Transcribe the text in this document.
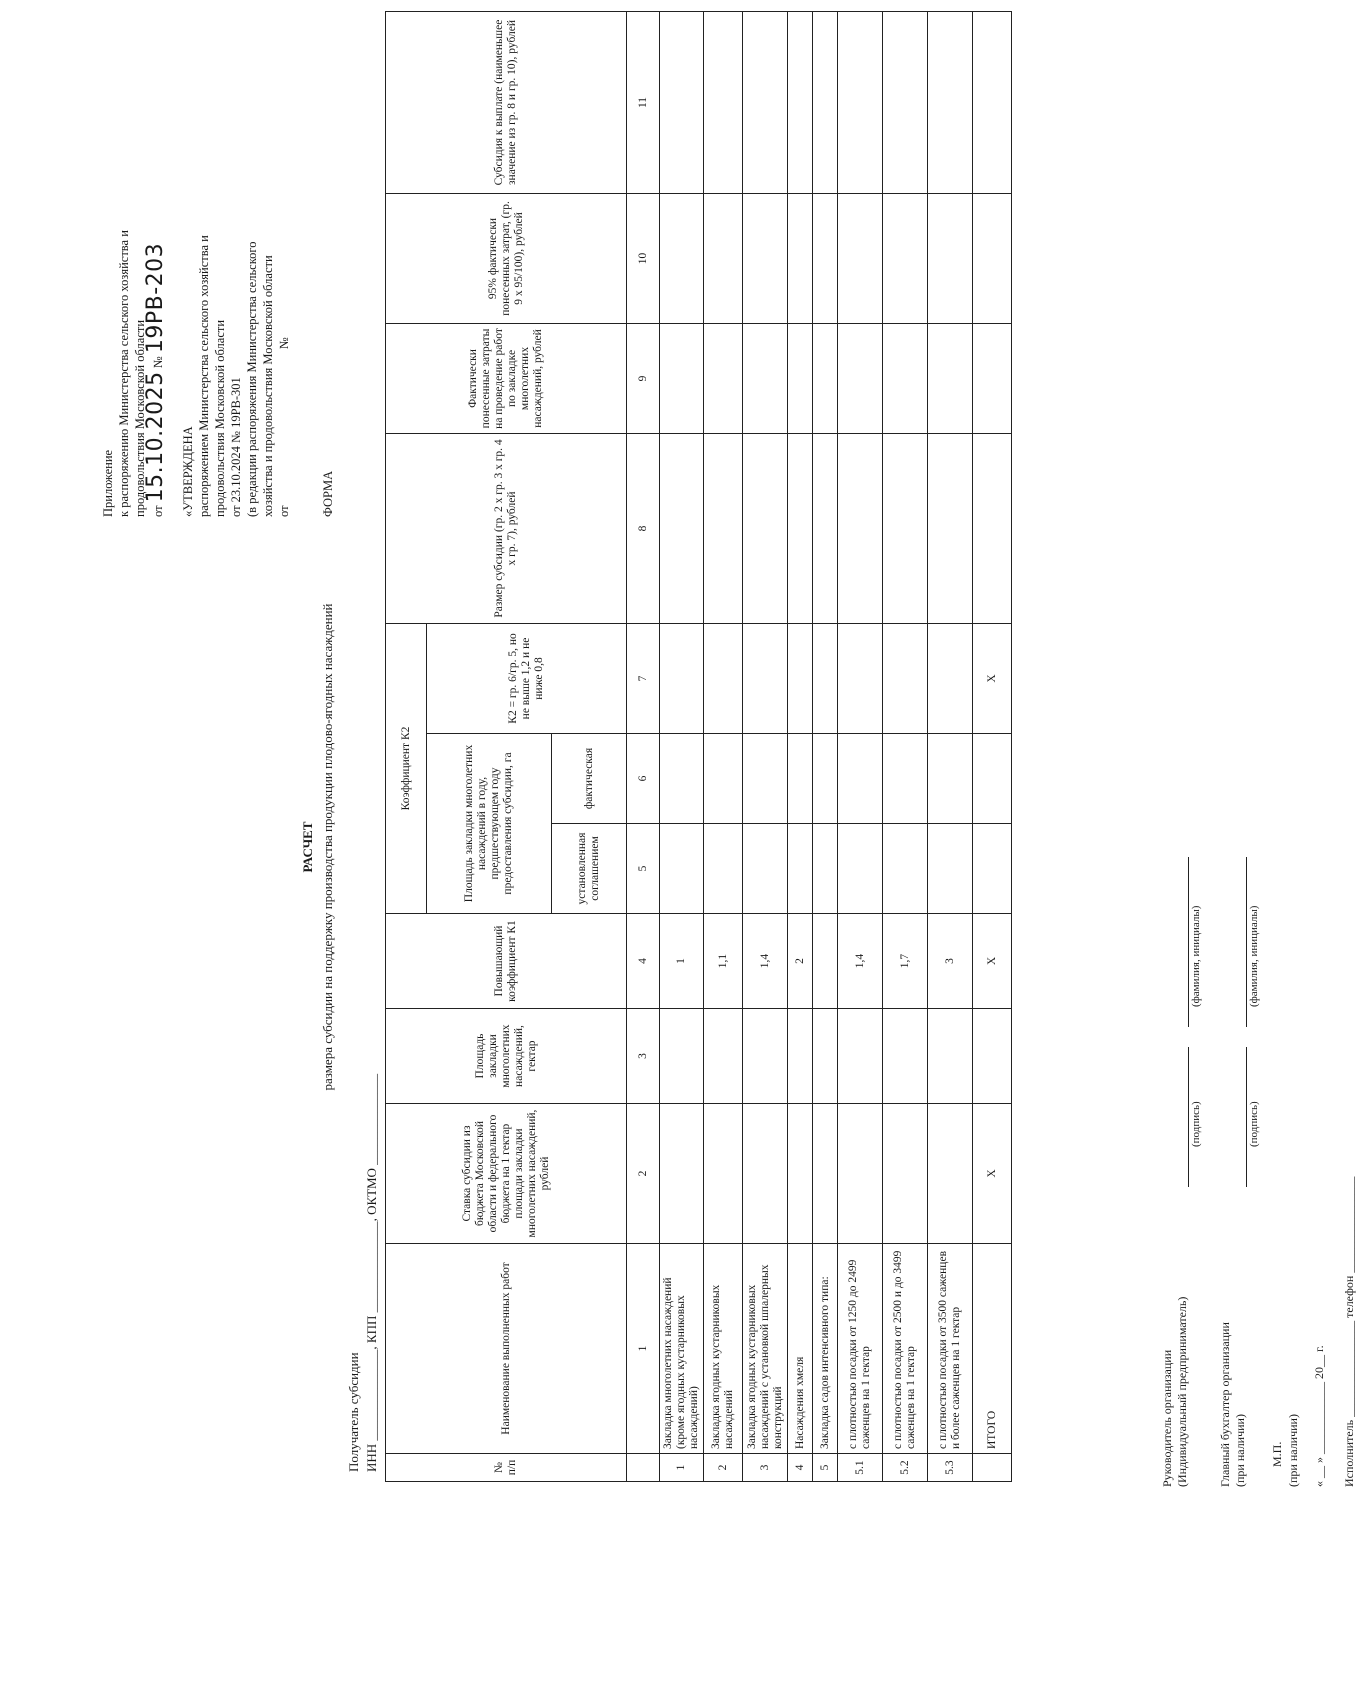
Приложение к распоряжению Министерства сельского хозяйства и продовольствия Московской области от 15.10.2025 № 19РВ-203
«УТВЕРЖДЕНА распоряжением Министерства сельского хозяйства и продовольствия Московской области от 23.10.2024 № 19РВ-301 (в редакции распоряжения Министерства сельского хозяйства и продовольствия Московской области от  №
ФОРМА
РАСЧЕТ размера субсидии на поддержку производства продукции плодово-ягодных насаждений
Получатель субсидии ИНН ______________, КПП ______________, ОКТМО ______________	№ п/п	Наименование выполненных работ	Ставка субсидии из бюджета Московской области и федерального бюджета на 1 гектар площади закладки многолетних насаждений, рублей	Площадь закладки многолетних насаждений, гектар	Повышающий коэффициент К1	Коэффициент К2			Размер субсидии (гр. 2 х гр. 3 х гр. 4 х гр. 7), рублей	Фактически понесенные затраты на проведение работ по закладке многолетних насаждений, рублей	95% фактически понесенных затрат, (гр. 9 х 95/100), рублей	Субсидия к выплате (наименьшее значение из гр. 8 и гр. 10), рублей
					Площадь закладки многолетних насаждений в году, предшествующем году предоставления субсидии, га		К2 = гр. 6/гр. 5, но не выше 1,2 и не ниже 0,8				
					установленная соглашением	фактическая					
	1	2	3	4	5	6	7	8	9	10	11
1	Закладка многолетних насаждений (кроме ягодных кустарниковых насаждений)			1							
2	Закладка ягодных кустарниковых насаждений			1,1							
3	Закладка ягодных кустарниковых насаждений с установкой шпалерных конструкций			1,4							
4	Насаждения хмеля			2							
5	Закладка садов интенсивного типа:										
5.1	с плотностью посадки от 1250 до 2499 саженцев на 1 гектар			1,4							
5.2	с плотностью посадки от 2500 и до 3499 саженцев на 1 гектар			1,7							
5.3	с плотностью посадки от 3500 саженцев и более саженцев на 1 гектар			3							
	ИТОГО	Х		Х			Х				
Руководитель организации (Индивидуальный предприниматель)
(подпись)
(фамилия, инициалы)
Главный бухгалтер организации (при наличии)
(подпись)
(фамилия, инициалы)
М.П. (при наличии) « __ » ____________ 20__ г. Исполнитель ________________ телефон ________________
